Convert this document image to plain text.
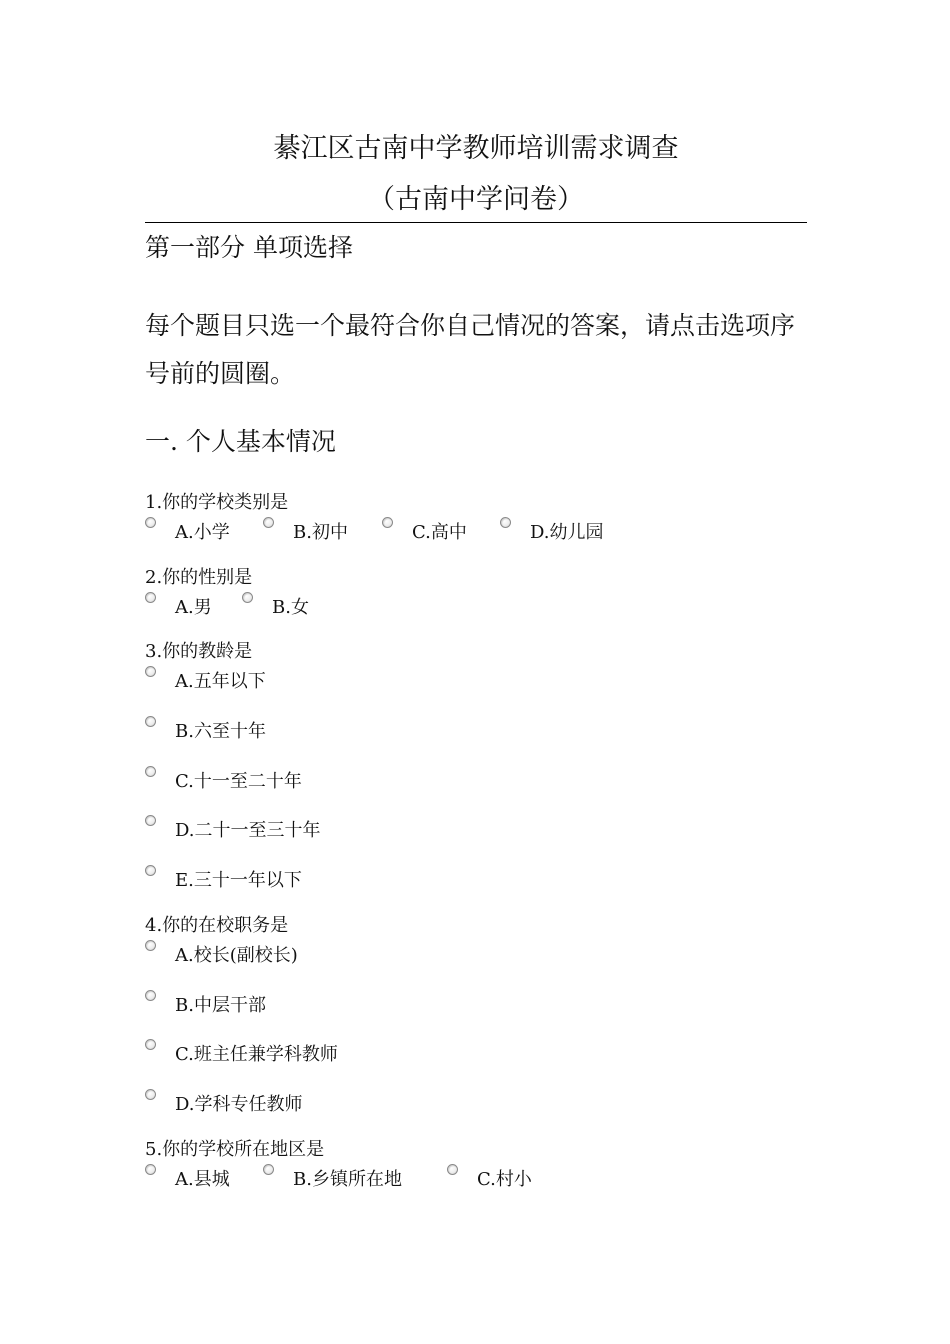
綦江区古南中学教师培训需求调查
（古南中学问卷）
第一部分 单项选择
每个题目只选一个最符合你自己情况的答案，请点击选项序号前的圆圈。
一. 个人基本情况
1.你的学校类别是
A.小学	B.初中	C.高中	D.幼儿园
2.你的性别是
A.男	B.女
3.你的教龄是
A.五年以下
B.六至十年
C.十一至二十年
D.二十一至三十年
E.三十一年以下
4.你的在校职务是
A.校长(副校长)
B.中层干部
C.班主任兼学科教师
D.学科专任教师
5.你的学校所在地区是
A.县城	B.乡镇所在地	C.村小
